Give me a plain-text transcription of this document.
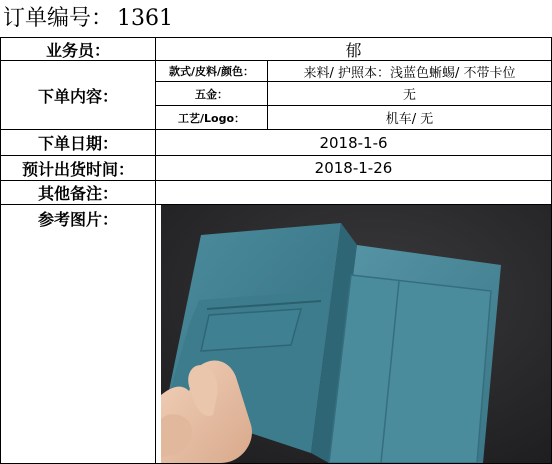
订单编号： 1361
业务员：	郁
下单内容：
款式/皮料/颜色：	来料/ 护照本：浅蓝色蜥蜴/ 不带卡位
五金：	无
工艺/Logo：	机车/ 无
下单日期：	2018-1-6
预计出货时间：	2018-1-26
其他备注：
参考图片：
